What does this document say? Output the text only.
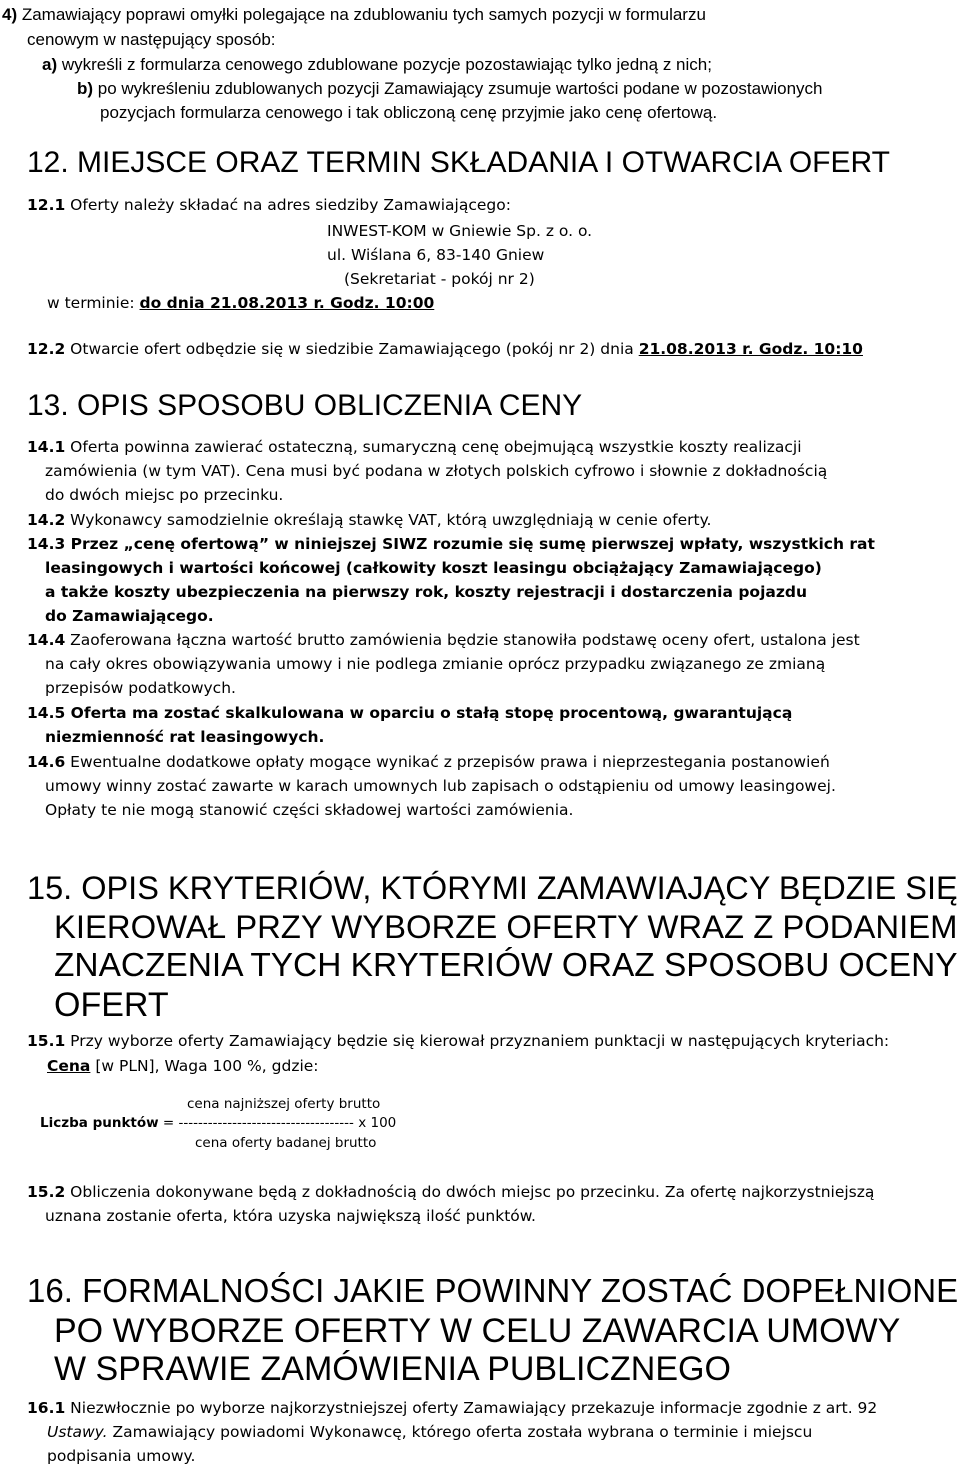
4) Zamawiający poprawi omyłki polegające na zdublowaniu tych samych pozycji w formularzu
cenowym w następujący sposób:
a) wykreśli z formularza cenowego zdublowane pozycje pozostawiając tylko jedną z nich;
b) po wykreśleniu zdublowanych pozycji Zamawiający zsumuje wartości podane w pozostawionych
pozycjach formularza cenowego i tak obliczoną cenę przyjmie jako cenę ofertową.
12. MIEJSCE ORAZ TERMIN SKŁADANIA I OTWARCIA OFERT
12.1 Oferty należy składać na adres siedziby Zamawiającego:
INWEST-KOM w Gniewie Sp. z o. o.
ul. Wiślana 6, 83-140 Gniew
(Sekretariat - pokój nr 2)
w terminie: do dnia 21.08.2013 r. Godz. 10:00
12.2 Otwarcie ofert odbędzie się w siedzibie Zamawiającego (pokój nr 2) dnia 21.08.2013 r. Godz. 10:10
13. OPIS SPOSOBU OBLICZENIA CENY
14.1 Oferta powinna zawierać ostateczną, sumaryczną cenę obejmującą wszystkie koszty realizacji
zamówienia (w tym VAT). Cena musi być podana w złotych polskich cyfrowo i słownie z dokładnością
do dwóch miejsc po przecinku.
14.2 Wykonawcy samodzielnie określają stawkę VAT, którą uwzględniają w cenie oferty.
14.3 Przez „cenę ofertową” w niniejszej SIWZ rozumie się sumę pierwszej wpłaty, wszystkich rat
leasingowych i wartości końcowej (całkowity koszt leasingu obciążający Zamawiającego)
a także koszty ubezpieczenia na pierwszy rok, koszty rejestracji i dostarczenia pojazdu
do Zamawiającego.
14.4 Zaoferowana łączna wartość brutto zamówienia będzie stanowiła podstawę oceny ofert, ustalona jest
na cały okres obowiązywania umowy i nie podlega zmianie oprócz przypadku związanego ze zmianą
przepisów podatkowych.
14.5 Oferta ma zostać skalkulowana w oparciu o stałą stopę procentową, gwarantującą
niezmienność rat leasingowych.
14.6 Ewentualne dodatkowe opłaty mogące wynikać z przepisów prawa i nieprzestegania postanowień
umowy winny zostać zawarte w karach umownych lub zapisach o odstąpieniu od umowy leasingowej.
Opłaty te nie mogą stanowić części składowej wartości zamówienia.
15. OPIS KRYTERIÓW, KTÓRYMI ZAMAWIAJĄCY BĘDZIE SIĘ
KIEROWAŁ PRZY WYBORZE OFERTY WRAZ Z PODANIEM
ZNACZENIA TYCH KRYTERIÓW ORAZ SPOSOBU OCENY
OFERT
15.1 Przy wyborze oferty Zamawiający będzie się kierował przyznaniem punktacji w następujących kryteriach:
Cena [w PLN], Waga 100 %, gdzie:
cena najniższej oferty brutto
Liczba punktów = ------------------------------------ x 100
cena oferty badanej brutto
15.2 Obliczenia dokonywane będą z dokładnością do dwóch miejsc po przecinku. Za ofertę najkorzystniejszą
uznana zostanie oferta, która uzyska największą ilość punktów.
16. FORMALNOŚCI JAKIE POWINNY ZOSTAĆ DOPEŁNIONE
PO WYBORZE OFERTY W CELU ZAWARCIA UMOWY
W SPRAWIE ZAMÓWIENIA PUBLICZNEGO
16.1 Niezwłocznie po wyborze najkorzystniejszej oferty Zamawiający przekazuje informacje zgodnie z art. 92
Ustawy. Zamawiający powiadomi Wykonawcę, którego oferta została wybrana o terminie i miejscu
podpisania umowy.
